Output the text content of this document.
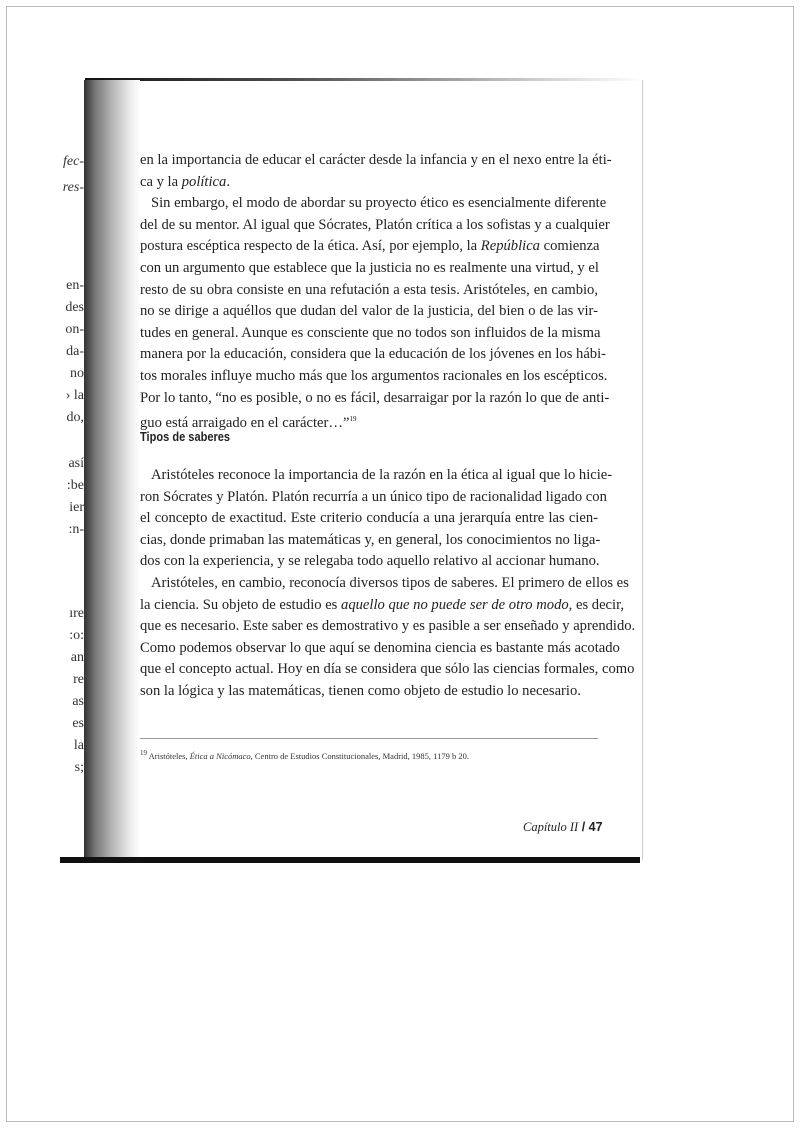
fec-
res-
en-
des
on-
da-
no
› la
do,
así
:be
ier
:n-
ıre
:o:
an
re
as
es
la
s;
en la importancia de educar el carácter desde la infancia y en el nexo entre la éti-
ca y la política.
Sin embargo, el modo de abordar su proyecto ético es esencialmente diferente
del de su mentor. Al igual que Sócrates, Platón crítica a los sofistas y a cualquier
postura escéptica respecto de la ética. Así, por ejemplo, la República comienza
con un argumento que establece que la justicia no es realmente una virtud, y el
resto de su obra consiste en una refutación a esta tesis. Aristóteles, en cambio,
no se dirige a aquéllos que dudan del valor de la justicia, del bien o de las vir-
tudes en general. Aunque es consciente que no todos son influidos de la misma
manera por la educación, considera que la educación de los jóvenes en los hábi-
tos morales influye mucho más que los argumentos racionales en los escépticos.
Por lo tanto, “no es posible, o no es fácil, desarraigar por la razón lo que de anti-
guo está arraigado en el carácter…”$^{19}$
Tipos de saberes
Aristóteles reconoce la importancia de la razón en la ética al igual que lo hicie-
ron Sócrates y Platón. Platón recurría a un único tipo de racionalidad ligado con
el concepto de exactitud. Este criterio conducía a una jerarquía entre las cien-
cias, donde primaban las matemáticas y, en general, los conocimientos no liga-
dos con la experiencia, y se relegaba todo aquello relativo al accionar humano.
Aristóteles, en cambio, reconocía diversos tipos de saberes. El primero de ellos es
la ciencia. Su objeto de estudio es aquello que no puede ser de otro modo, es decir,
que es necesario. Este saber es demostrativo y es pasible a ser enseñado y aprendido.
Como podemos observar lo que aquí se denomina ciencia es bastante más acotado
que el concepto actual. Hoy en día se considera que sólo las ciencias formales, como
son la lógica y las matemáticas, tienen como objeto de estudio lo necesario.
$^{19}$ Aristóteles, Ética a Nicómaco, Centro de Estudios Constitucionales, Madrid, 1985, 1179 b 20.
Capítulo II / 47
